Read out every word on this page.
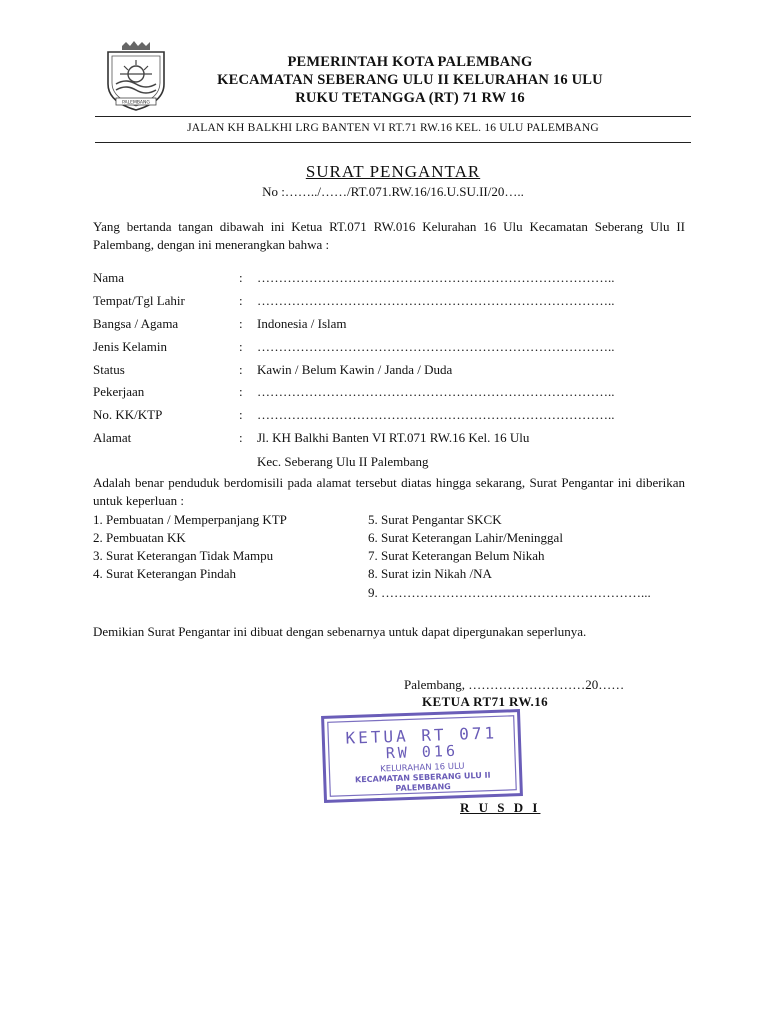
PALEMBANG
PEMERINTAH KOTA PALEMBANG
KECAMATAN SEBERANG ULU II KELURAHAN 16 ULU
RUKU TETANGGA (RT) 71 RW 16
JALAN KH BALKHI LRG BANTEN VI RT.71 RW.16 KEL. 16 ULU PALEMBANG
SURAT PENGANTAR
No :……../……/RT.071.RW.16/16.U.SU.II/20…..
Yang bertanda tangan dibawah ini Ketua RT.071 RW.016 Kelurahan 16 Ulu Kecamatan Seberang Ulu II Palembang, dengan ini menerangkan bahwa :
Nama	: ………………………………………………………………………..
Tempat/Tgl Lahir	: ………………………………………………………………………..
Bangsa / Agama	: Indonesia / Islam
Jenis Kelamin	: ………………………………………………………………………..
Status	: Kawin / Belum Kawin / Janda / Duda
Pekerjaan	: ………………………………………………………………………..
No. KK/KTP	: ………………………………………………………………………..
Alamat	: Jl. KH Balkhi Banten VI RT.071 RW.16 Kel. 16 Ulu
Kec. Seberang Ulu II Palembang
Adalah benar penduduk berdomisili pada alamat tersebut diatas hingga sekarang, Surat Pengantar ini diberikan untuk keperluan :
1. Pembuatan / Memperpanjang KTP
2. Pembuatan KK
3. Surat Keterangan Tidak Mampu
4. Surat Keterangan Pindah
5. Surat Pengantar SKCK
6. Surat Keterangan Lahir/Meninggal
7. Surat Keterangan Belum Nikah
8. Surat izin Nikah /NA
9. ……………………………………………………...
Demikian Surat Pengantar ini dibuat dengan sebenarnya untuk dapat dipergunakan seperlunya.
Palembang, ………………………20……
KETUA RT71 RW.16
KETUA RT 071
RW 016
KELURAHAN 16 ULU
KECAMATAN SEBERANG ULU II
PALEMBANG
R U S D I
